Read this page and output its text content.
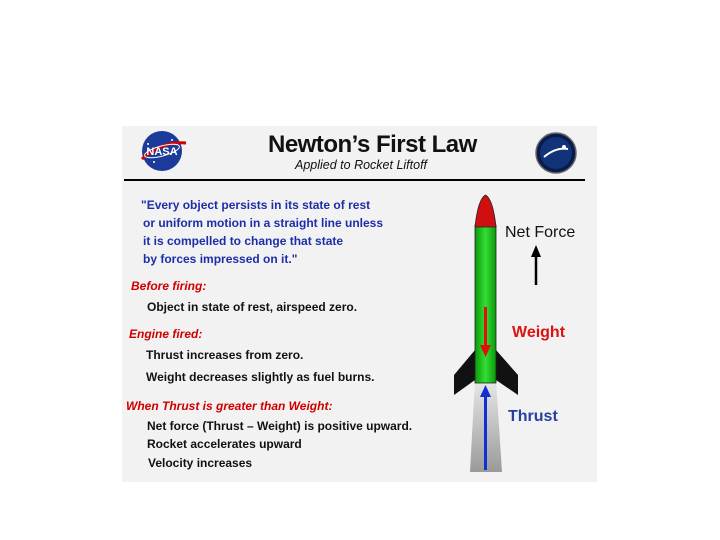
NASA	Newton’s First Law
Applied to Rocket Liftoff
"Every object persists in its state of rest
or uniform motion in a straight line unless
it is compelled to change that state
by forces impressed on it."
Before firing:
Object in state of rest, airspeed zero.
Engine fired:
Thrust increases from zero.
Weight decreases slightly as fuel burns.
When Thrust is greater than Weight:
Net force (Thrust – Weight) is positive upward.
Rocket accelerates upward
Velocity increases
Net Force
Weight
Thrust
